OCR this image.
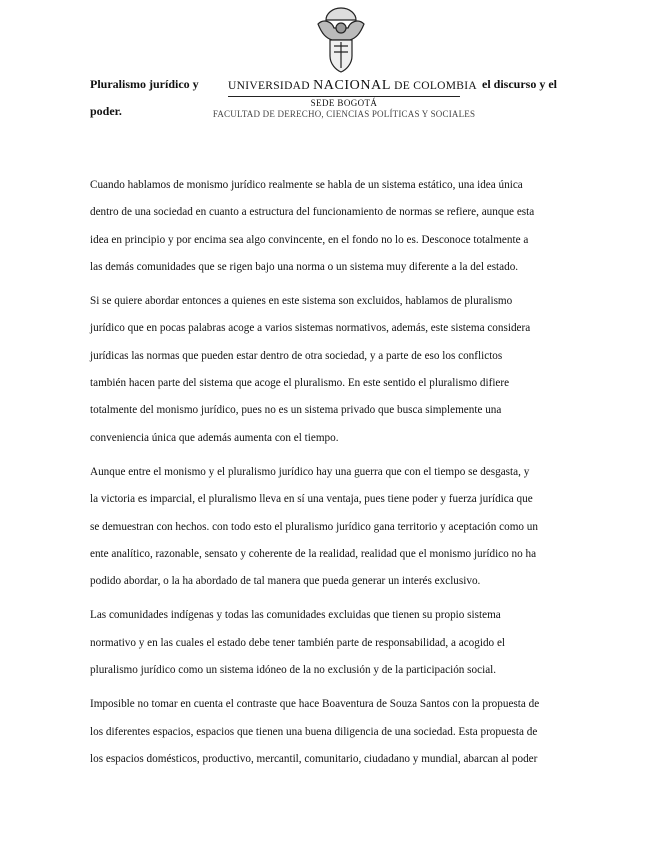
Pluralismo jurídico y	el discurso y el
poder.
UNIVERSIDAD NACIONAL DE COLOMBIA
SEDE BOGOTÁ
FACULTAD DE DERECHO, CIENCIAS POLÍTICAS Y SOCIALES

Cuando hablamos de monismo jurídico realmente se habla de un sistema estático, una idea única

dentro de una sociedad en cuanto a estructura del funcionamiento de normas se refiere, aunque esta

idea en principio y por encima sea algo convincente, en el fondo no lo es. Desconoce totalmente a

las demás comunidades que se rigen bajo una norma o un sistema muy diferente a la del estado.

Si se quiere abordar entonces a quienes en este sistema son excluidos, hablamos de pluralismo

jurídico que en pocas palabras acoge a varios sistemas normativos, además, este sistema considera

jurídicas las normas que pueden estar dentro de otra sociedad, y a parte de eso los conflictos

también hacen parte del sistema que acoge el pluralismo. En este sentido el pluralismo difiere

totalmente del monismo jurídico, pues no es un sistema privado que busca simplemente una

conveniencia única que además aumenta con el tiempo.

Aunque entre el monismo y el pluralismo jurídico hay una guerra que con el tiempo se desgasta, y

la victoria es imparcial, el pluralismo lleva en sí una ventaja, pues tiene poder y fuerza jurídica que

se demuestran con hechos. con todo esto el pluralismo jurídico gana territorio y aceptación como un

ente analítico, razonable, sensato y coherente de la realidad, realidad que el monismo jurídico no ha

podido abordar, o la ha abordado de tal manera que pueda generar un interés exclusivo.

Las comunidades indígenas y todas las comunidades excluidas que tienen su propio sistema

normativo y en las cuales el estado debe tener también parte de responsabilidad, a acogido el

pluralismo jurídico como un sistema idóneo de la no exclusión y de la participación social.

Imposible no tomar en cuenta el contraste que hace Boaventura de Souza Santos con la propuesta de

los diferentes espacios, espacios que tienen una buena diligencia de una sociedad. Esta propuesta de

los espacios domésticos, productivo, mercantil, comunitario, ciudadano y mundial, abarcan al poder
